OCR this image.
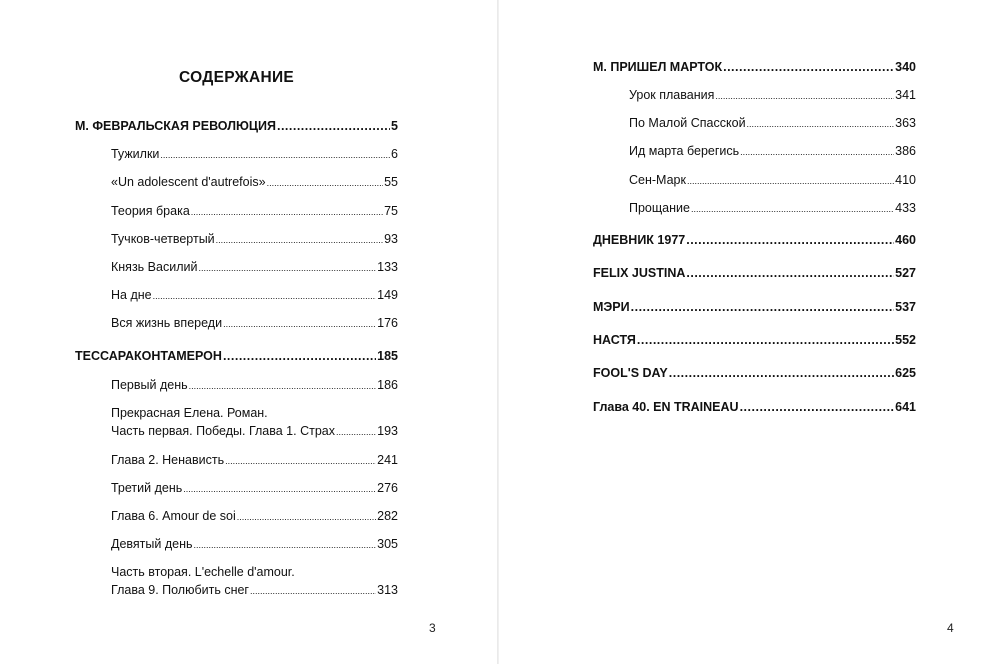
СОДЕРЖАНИЕ
М. ФЕВРАЛЬСКАЯ РЕВОЛЮЦИЯ .....	5
Тужилки .....	6
«Un adolescent d'autrefois» .....	55
Теория брака .....	75
Тучков-четвертый .....	93
Князь Василий .....	133
На дне .....	149
Вся жизнь впереди .....	176
ТЕССАРАКОНТАМЕРОН .....	185
Первый день .....	186
Прекрасная Елена. Роман.
Часть первая. Победы. Глава 1. Страх .....	193
Глава 2. Ненависть .....	241
Третий день .....	276
Глава 6. Amour de soi .....	282
Девятый день .....	305
Часть вторая. L'echelle d'amour.
Глава 9. Полюбить снег .....	313
3
М. ПРИШЕЛ МАРТОК .....	340
Урок плавания .....	341
По Малой Спасской .....	363
Ид марта берегись .....	386
Сен-Марк .....	410
Прощание .....	433
ДНЕВНИК 1977 .....	460
FELIX JUSTINA .....	527
МЭРИ .....	537
НАСТЯ .....	552
FOOL'S DAY .....	625
Глава 40. EN TRAINEAU .....	641
4
